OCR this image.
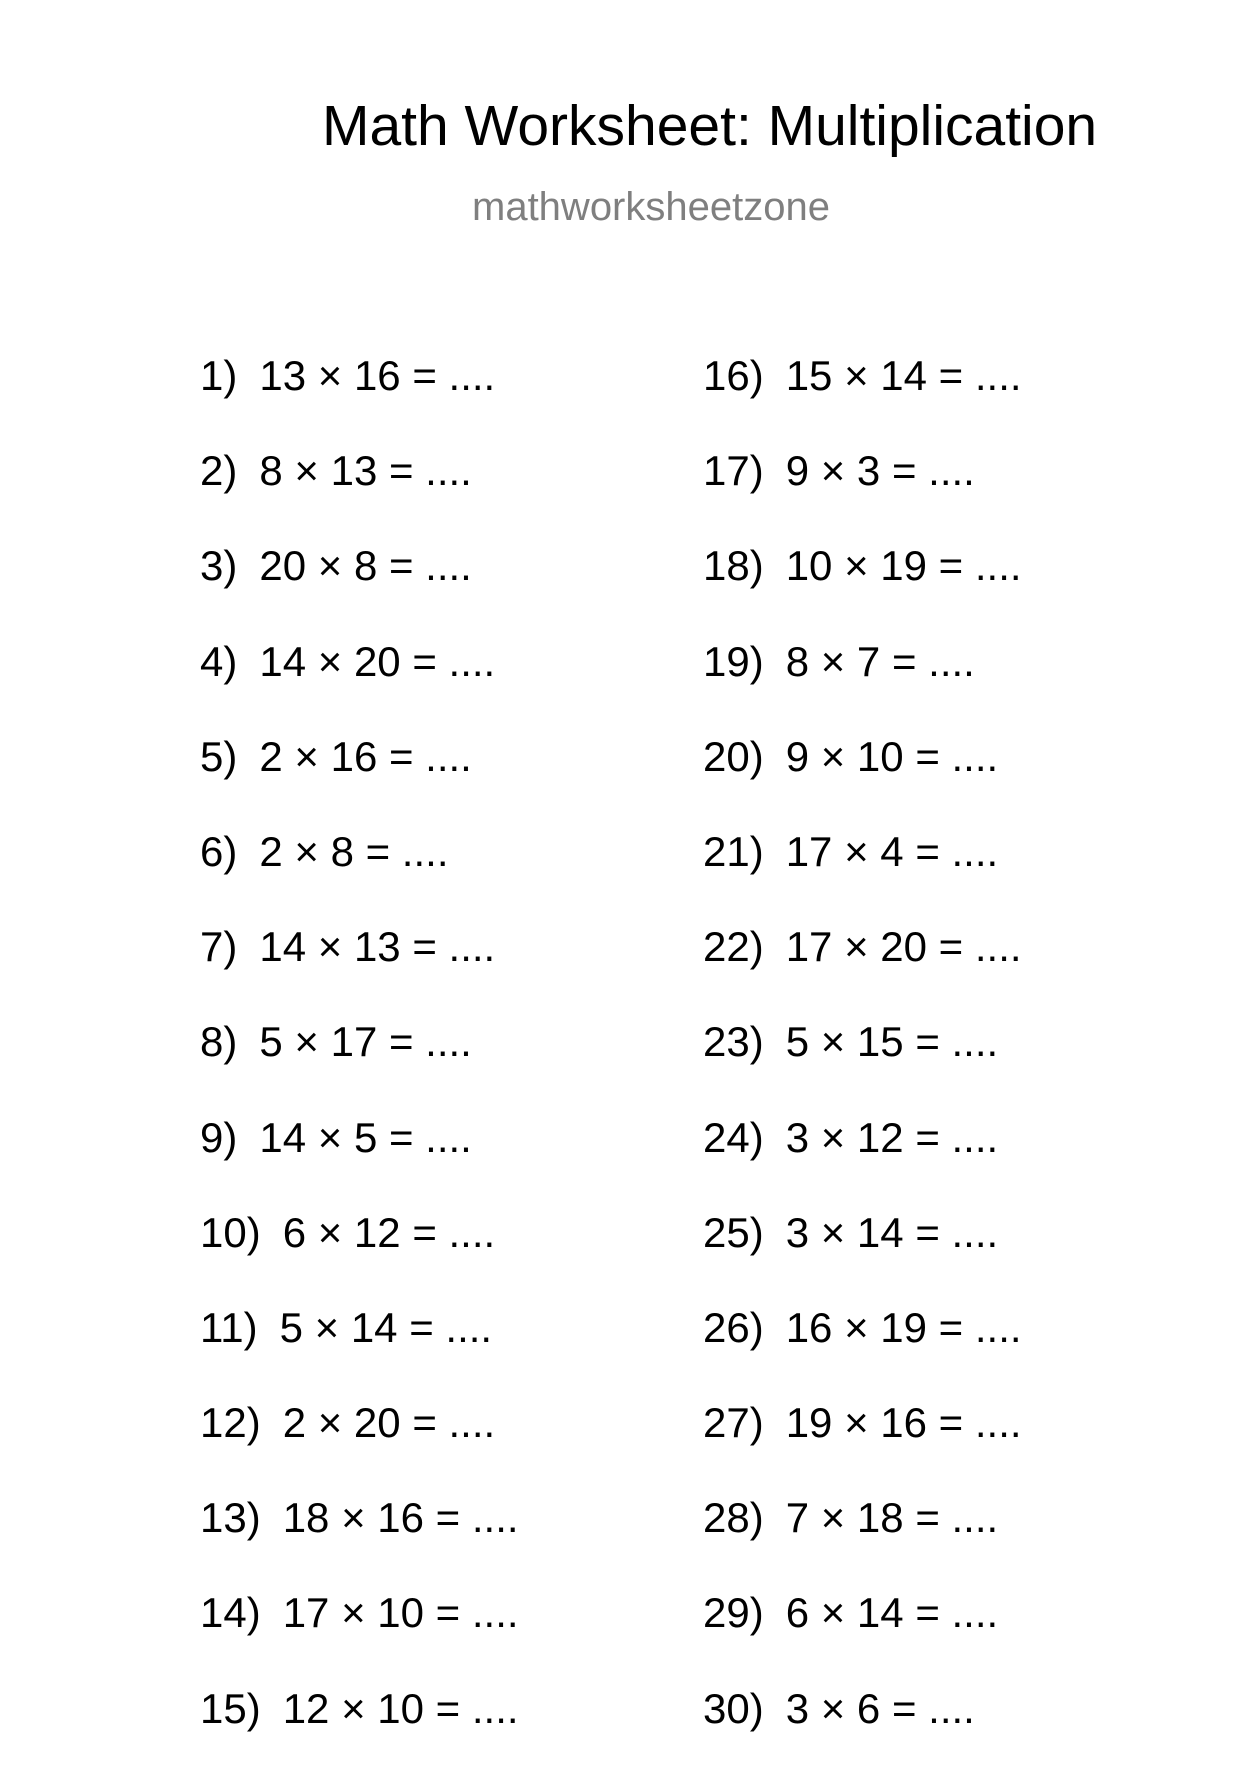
Math Worksheet: Multiplication
mathworksheetzone
1) 13 × 16 = ....
2) 8 × 13 = ....
3) 20 × 8 = ....
4) 14 × 20 = ....
5) 2 × 16 = ....
6) 2 × 8 = ....
7) 14 × 13 = ....
8) 5 × 17 = ....
9) 14 × 5 = ....
10) 6 × 12 = ....
11) 5 × 14 = ....
12) 2 × 20 = ....
13) 18 × 16 = ....
14) 17 × 10 = ....
15) 12 × 10 = ....
16) 15 × 14 = ....
17) 9 × 3 = ....
18) 10 × 19 = ....
19) 8 × 7 = ....
20) 9 × 10 = ....
21) 17 × 4 = ....
22) 17 × 20 = ....
23) 5 × 15 = ....
24) 3 × 12 = ....
25) 3 × 14 = ....
26) 16 × 19 = ....
27) 19 × 16 = ....
28) 7 × 18 = ....
29) 6 × 14 = ....
30) 3 × 6 = ....
